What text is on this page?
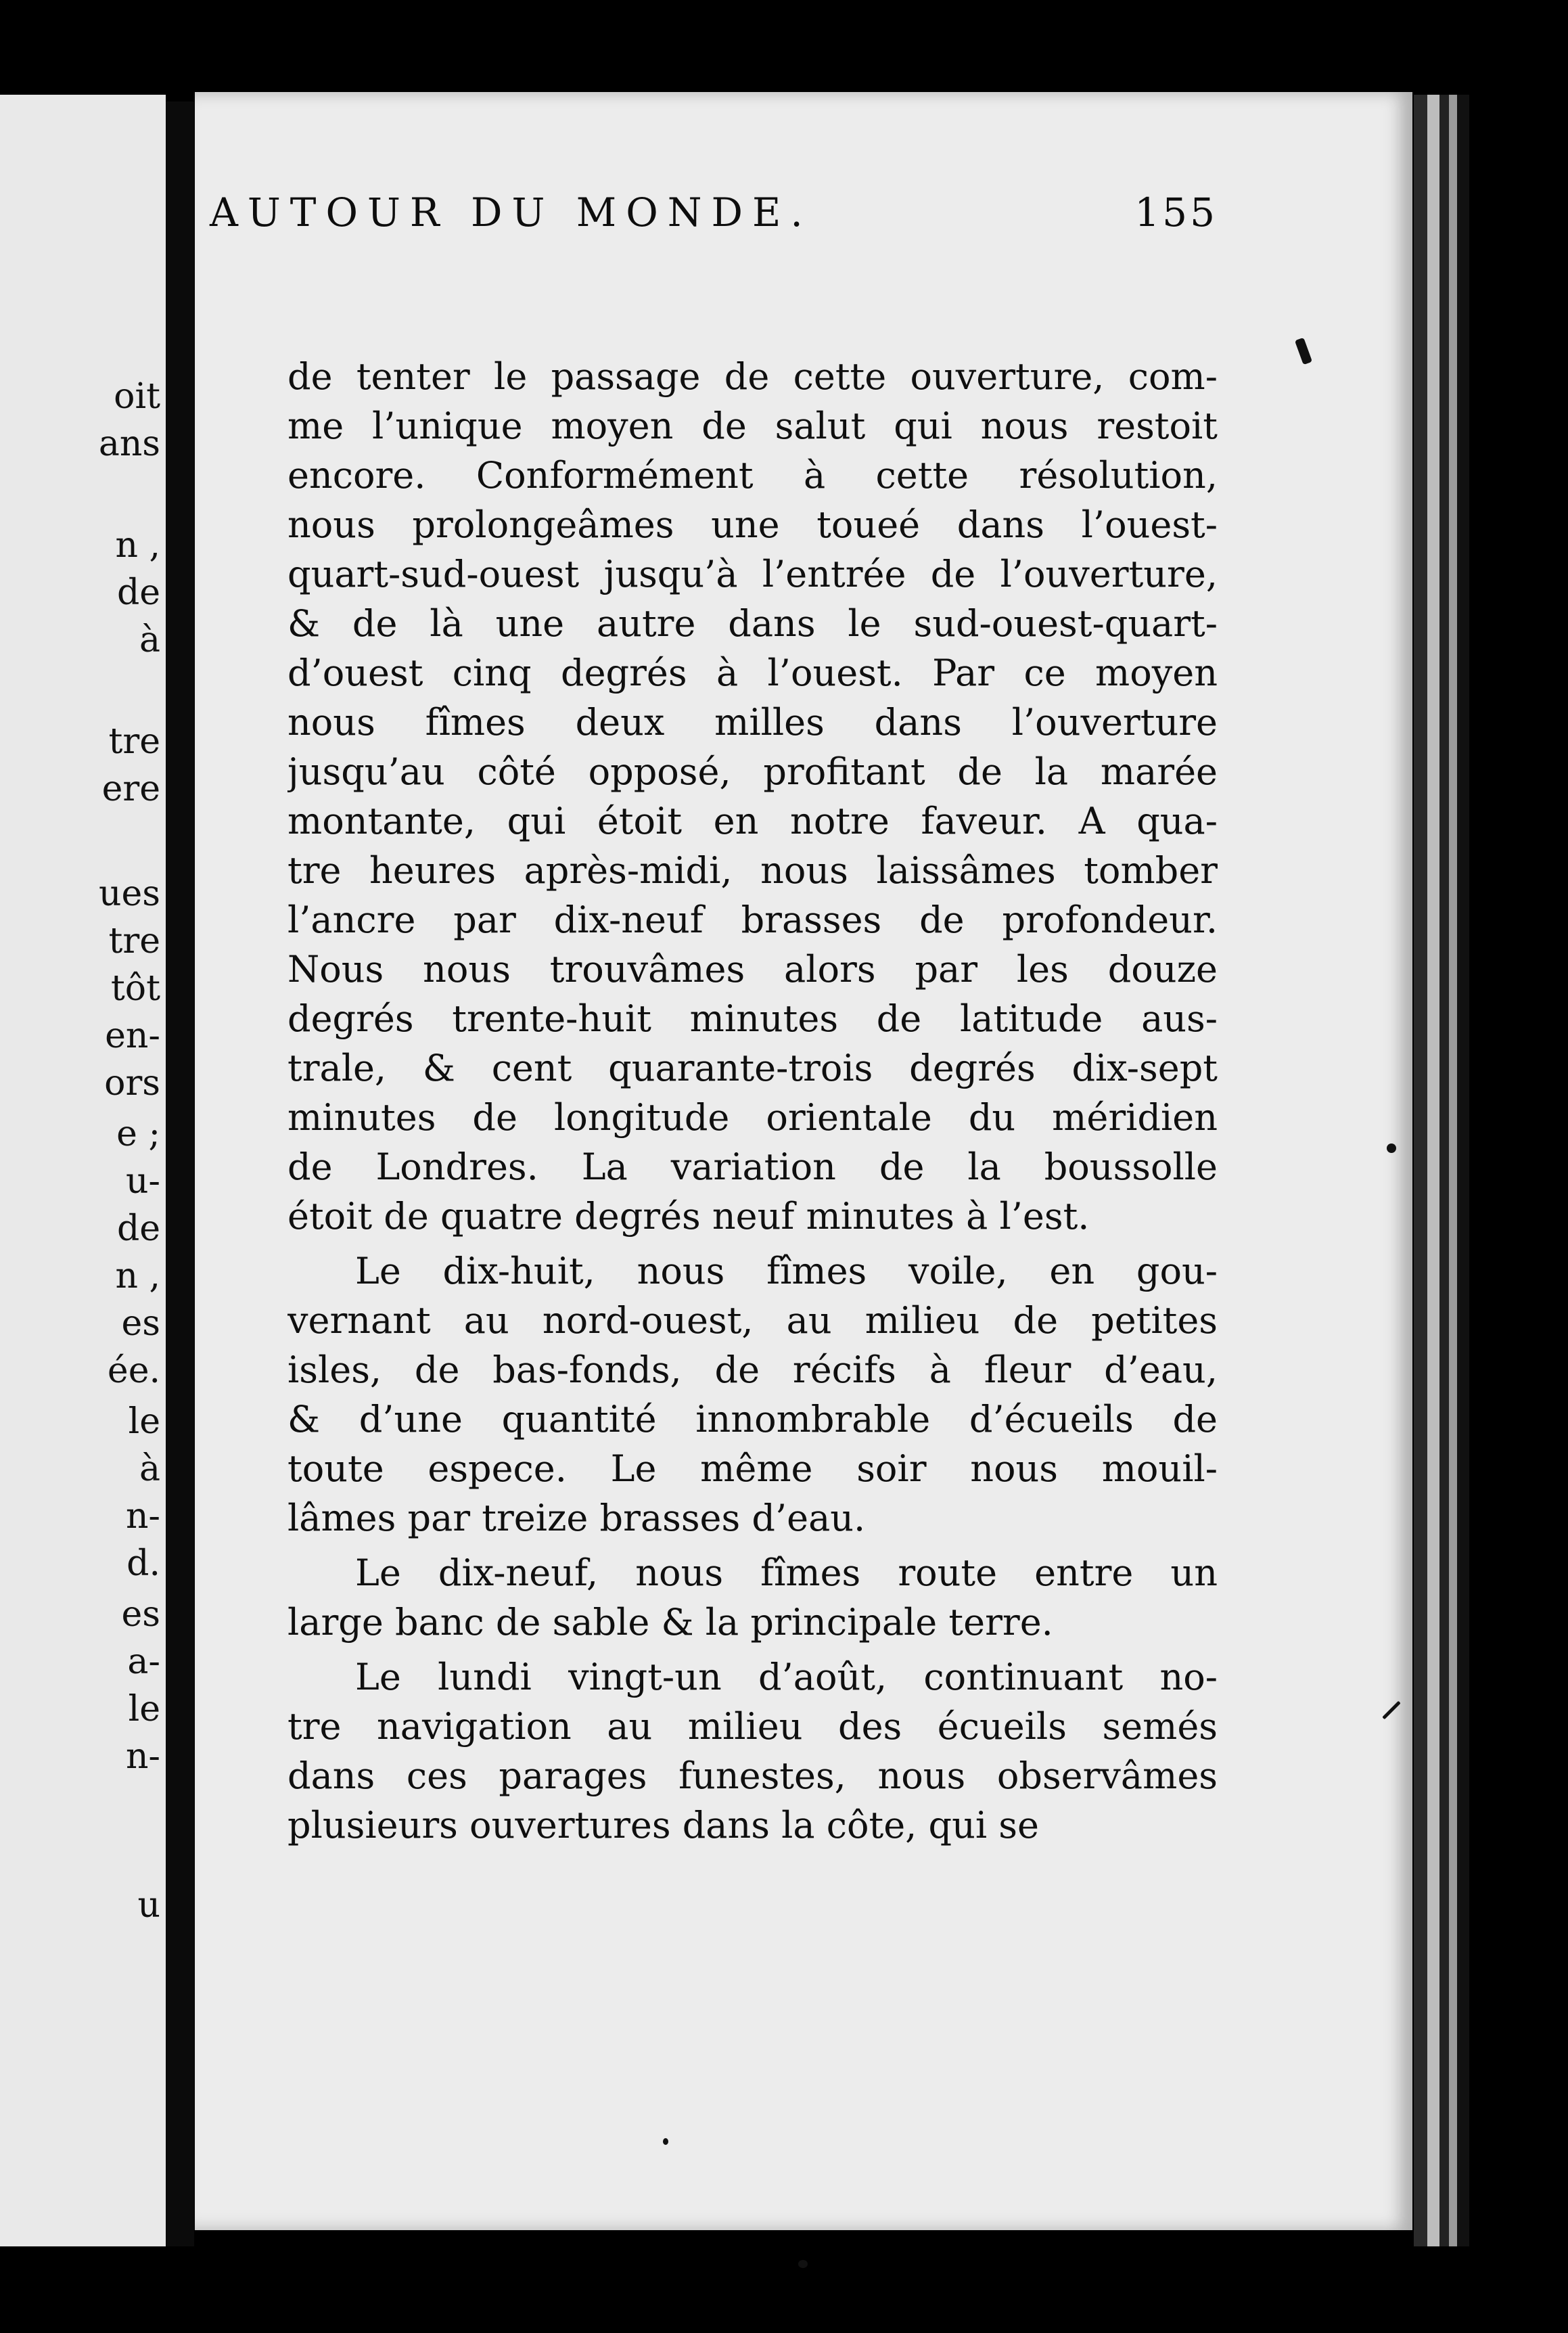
oit
ans
n ,
de
à
tre
ere
ues
tre
tôt
en-
ors
e ;
u-
de
n ,
es
ée.
le
à
n-
d.
es
a-
le
n-
u
AUTOUR DU MONDE.	155
de tenter le passage de cette ouverture, com-
me l’unique moyen de salut qui nous restoit
encore. Conformément à cette résolution,
nous prolongeâmes une toueé dans l’ouest-
quart-sud-ouest jusqu’à l’entrée de l’ouverture,
& de là une autre dans le sud-ouest-quart-
d’ouest cinq degrés à l’ouest. Par ce moyen
nous fîmes deux milles dans l’ouverture
jusqu’au côté opposé, profitant de la marée
montante, qui étoit en notre faveur. A qua-
tre heures après-midi, nous laissâmes tomber
l’ancre par dix-neuf brasses de profondeur.
Nous nous trouvâmes alors par les douze
degrés trente-huit minutes de latitude aus-
trale, & cent quarante-trois degrés dix-sept
minutes de longitude orientale du méridien
de Londres. La variation de la boussolle
étoit de quatre degrés neuf minutes à l’est.
Le dix-huit, nous fîmes voile, en gou-
vernant au nord-ouest, au milieu de petites
isles, de bas-fonds, de récifs à fleur d’eau,
& d’une quantité innombrable d’écueils de
toute espece. Le même soir nous mouil-
lâmes par treize brasses d’eau.
Le dix-neuf, nous fîmes route entre un
large banc de sable & la principale terre.
Le lundi vingt-un d’août, continuant no-
tre navigation au milieu des écueils semés
dans ces parages funestes, nous observâmes
plusieurs ouvertures dans la côte, qui se
